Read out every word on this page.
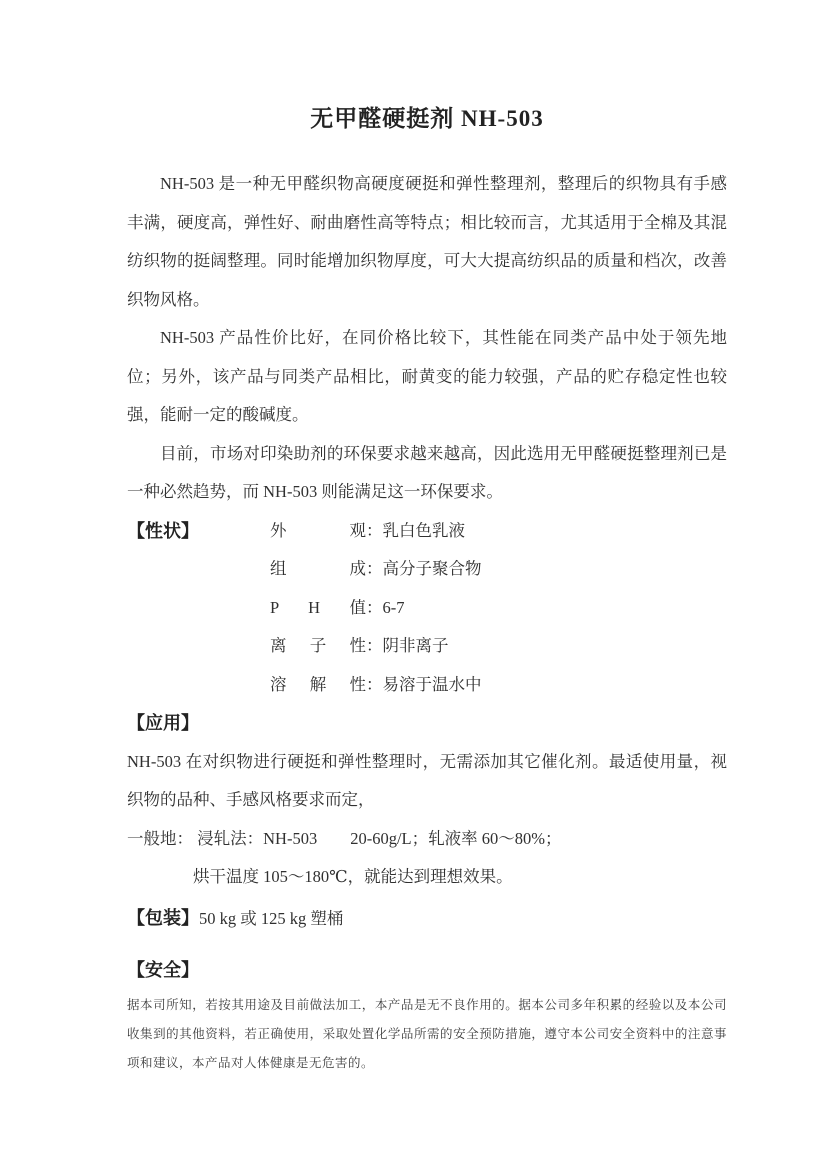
无甲醛硬挺剂 NH-503

NH-503 是一种无甲醛织物高硬度硬挺和弹性整理剂，整理后的织物具有手感丰满，硬度高，弹性好、耐曲磨性高等特点；相比较而言，尤其适用于全棉及其混纺织物的挺阔整理。同时能增加织物厚度，可大大提高纺织品的质量和档次，改善织物风格。

NH-503 产品性价比好，在同价格比较下，其性能在同类产品中处于领先地位；另外，该产品与同类产品相比，耐黄变的能力较强，产品的贮存稳定性也较强，能耐一定的酸碱度。

目前，市场对印染助剂的环保要求越来越高，因此选用无甲醛硬挺整理剂已是一种必然趋势，而 NH-503 则能满足这一环保要求。

【性状】	外 观：乳白色乳液
组 成：高分子聚合物
P H 值：6-7
离 子 性：阴非离子
溶 解 性：易溶于温水中
【应用】

NH-503 在对织物进行硬挺和弹性整理时，无需添加其它催化剂。最适使用量，视织物的品种、手感风格要求而定，

一般地： 浸轧法：NH-503　　20-60g/L；轧液率 60～80%；

烘干温度 105～180℃，就能达到理想效果。

【包装】50 kg 或 125 kg 塑桶
【安全】

据本司所知，若按其用途及目前做法加工，本产品是无不良作用的。据本公司多年积累的经验以及本公司收集到的其他资料，若正确使用，采取处置化学品所需的安全预防措施，遵守本公司安全资料中的注意事项和建议，本产品对人体健康是无危害的。
